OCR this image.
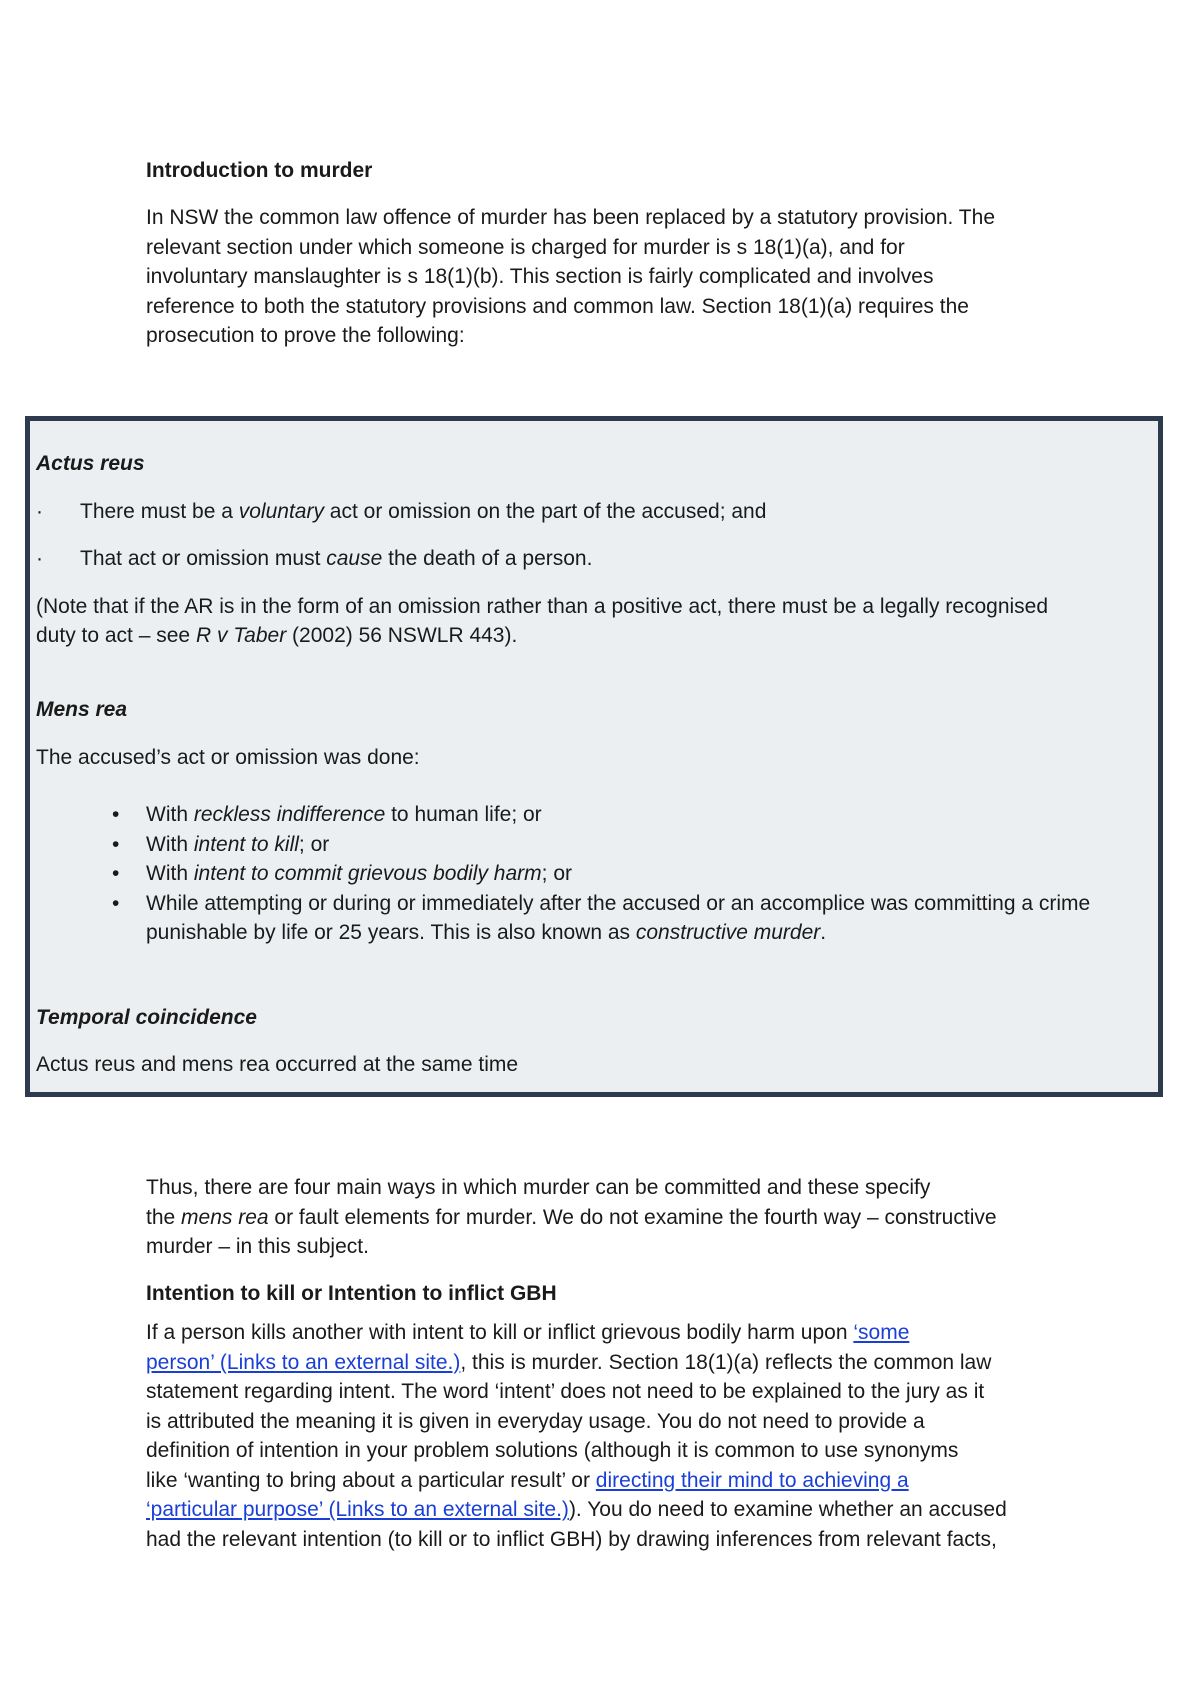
Introduction to murder
In NSW the common law offence of murder has been replaced by a statutory provision. The
relevant section under which someone is charged for murder is s 18(1)(a), and for
involuntary manslaughter is s 18(1)(b). This section is fairly complicated and involves
reference to both the statutory provisions and common law. Section 18(1)(a) requires the
prosecution to prove the following:
Actus reus
· There must be a voluntary act or omission on the part of the accused; and
· That act or omission must cause the death of a person.
(Note that if the AR is in the form of an omission rather than a positive act, there must be a legally recognised
duty to act – see R v Taber (2002) 56 NSWLR 443).
Mens rea
The accused’s act or omission was done:
• With reckless indifference to human life; or
• With intent to kill; or
• With intent to commit grievous bodily harm; or
• While attempting or during or immediately after the accused or an accomplice was committing a crime
punishable by life or 25 years. This is also known as constructive murder.
Temporal coincidence
Actus reus and mens rea occurred at the same time
Thus, there are four main ways in which murder can be committed and these specify
the mens rea or fault elements for murder. We do not examine the fourth way – constructive
murder – in this subject.
Intention to kill or Intention to inflict GBH
If a person kills another with intent to kill or inflict grievous bodily harm upon ‘some
person’ (Links to an external site.), this is murder. Section 18(1)(a) reflects the common law
statement regarding intent. The word ‘intent’ does not need to be explained to the jury as it
is attributed the meaning it is given in everyday usage. You do not need to provide a
definition of intention in your problem solutions (although it is common to use synonyms
like ‘wanting to bring about a particular result’ or directing their mind to achieving a
‘particular purpose’ (Links to an external site.)). You do need to examine whether an accused
had the relevant intention (to kill or to inflict GBH) by drawing inferences from relevant facts,
